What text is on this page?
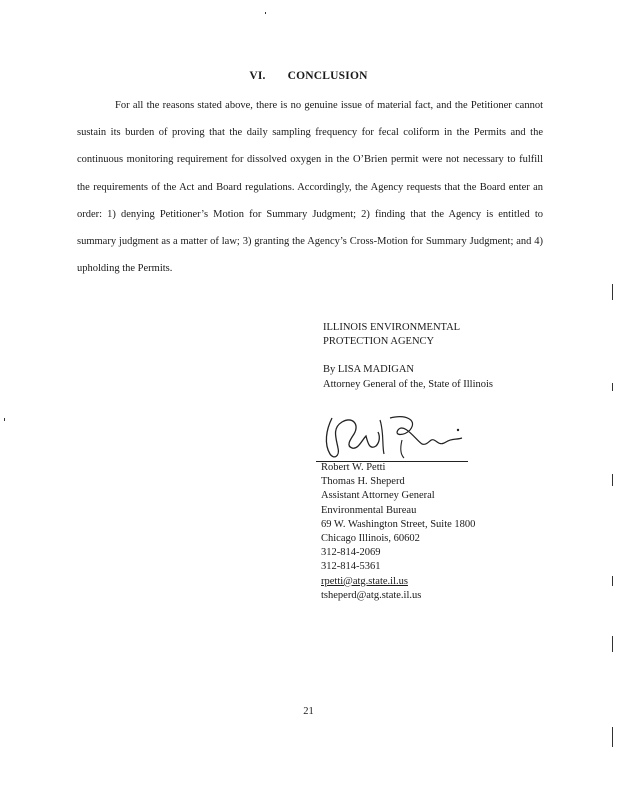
VI. CONCLUSION

For all the reasons stated above, there is no genuine issue of material fact, and the Petitioner cannot sustain its burden of proving that the daily sampling frequency for fecal coliform in the Permits and the continuous monitoring requirement for dissolved oxygen in the O’Brien permit were not necessary to fulfill the requirements of the Act and Board regulations. Accordingly, the Agency requests that the Board enter an order: 1) denying Petitioner’s Motion for Summary Judgment; 2) finding that the Agency is entitled to summary judgment as a matter of law; 3) granting the Agency’s Cross-Motion for Summary Judgment; and 4) upholding the Permits.

ILLINOIS ENVIRONMENTAL
PROTECTION AGENCY
By LISA MADIGAN
Attorney General of the, State of Illinois
Robert W. Petti
Thomas H. Sheperd
Assistant Attorney General
Environmental Bureau
69 W. Washington Street, Suite 1800
Chicago Illinois, 60602
312-814-2069
312-814-5361
rpetti@atg.state.il.us
tsheperd@atg.state.il.us
21
